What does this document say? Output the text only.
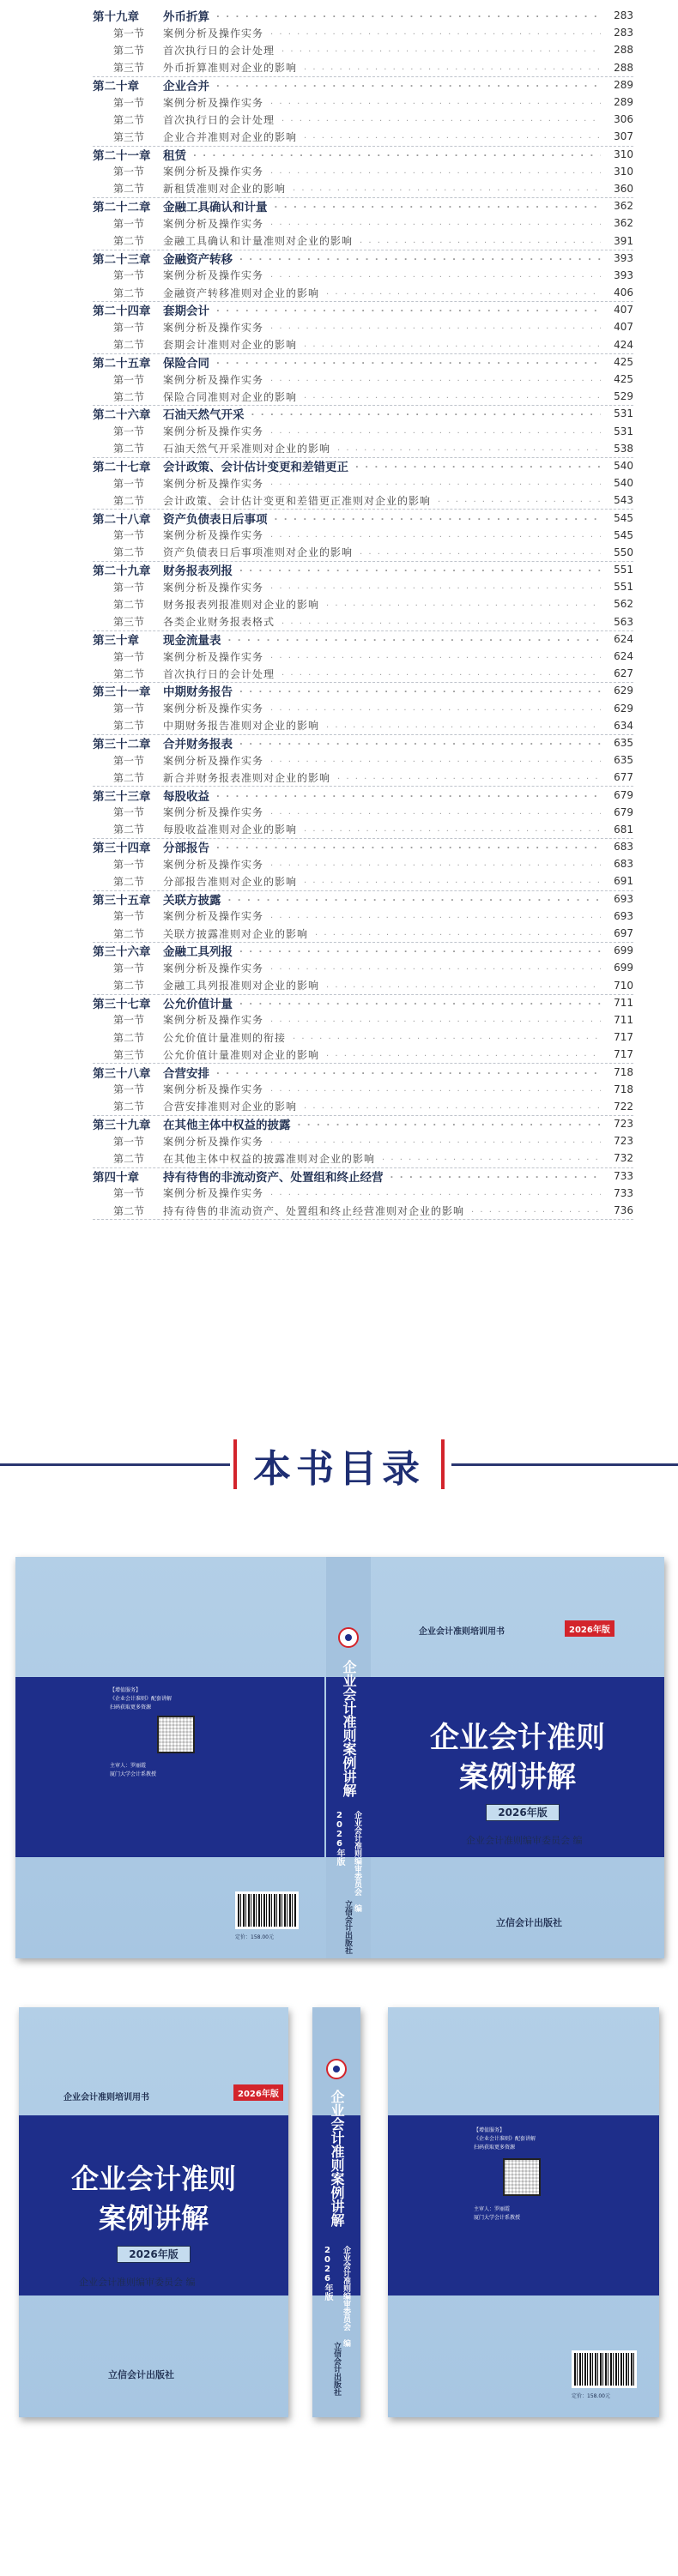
第十九章	外币折算 . . .	283
第一节	案例分析及操作实务 . . .	283
第二节	首次执行日的会计处理 . . .	288
第三节	外币折算准则对企业的影响 . . .	288
第二十章	企业合并 . . .	289
第一节	案例分析及操作实务 . . .	289
第二节	首次执行日的会计处理 . . .	306
第三节	企业合并准则对企业的影响 . . .	307
第二十一章	租赁 . . .	310
第一节	案例分析及操作实务 . . .	310
第二节	新租赁准则对企业的影响 . . .	360
第二十二章	金融工具确认和计量 . . .	362
第一节	案例分析及操作实务 . . .	362
第二节	金融工具确认和计量准则对企业的影响 . . .	391
第二十三章	金融资产转移 . . .	393
第一节	案例分析及操作实务 . . .	393
第二节	金融资产转移准则对企业的影响 . . .	406
第二十四章	套期会计 . . .	407
第一节	案例分析及操作实务 . . .	407
第二节	套期会计准则对企业的影响 . . .	424
第二十五章	保险合同 . . .	425
第一节	案例分析及操作实务 . . .	425
第二节	保险合同准则对企业的影响 . . .	529
第二十六章	石油天然气开采 . . .	531
第一节	案例分析及操作实务 . . .	531
第二节	石油天然气开采准则对企业的影响 . . .	538
第二十七章	会计政策、会计估计变更和差错更正 . . .	540
第一节	案例分析及操作实务 . . .	540
第二节	会计政策、会计估计变更和差错更正准则对企业的影响 . . .	543
第二十八章	资产负债表日后事项 . . .	545
第一节	案例分析及操作实务 . . .	545
第二节	资产负债表日后事项准则对企业的影响 . . .	550
第二十九章	财务报表列报 . . .	551
第一节	案例分析及操作实务 . . .	551
第二节	财务报表列报准则对企业的影响 . . .	562
第三节	各类企业财务报表格式 . . .	563
第三十章	现金流量表 . . .	624
第一节	案例分析及操作实务 . . .	624
第二节	首次执行日的会计处理 . . .	627
第三十一章	中期财务报告 . . .	629
第一节	案例分析及操作实务 . . .	629
第二节	中期财务报告准则对企业的影响 . . .	634
第三十二章	合并财务报表 . . .	635
第一节	案例分析及操作实务 . . .	635
第二节	新合并财务报表准则对企业的影响 . . .	677
第三十三章	每股收益 . . .	679
第一节	案例分析及操作实务 . . .	679
第二节	每股收益准则对企业的影响 . . .	681
第三十四章	分部报告 . . .	683
第一节	案例分析及操作实务 . . .	683
第二节	分部报告准则对企业的影响 . . .	691
第三十五章	关联方披露 . . .	693
第一节	案例分析及操作实务 . . .	693
第二节	关联方披露准则对企业的影响 . . .	697
第三十六章	金融工具列报 . . .	699
第一节	案例分析及操作实务 . . .	699
第二节	金融工具列报准则对企业的影响 . . .	710
第三十七章	公允价值计量 . . .	711
第一节	案例分析及操作实务 . . .	711
第二节	公允价值计量准则的衔接 . . .	717
第三节	公允价值计量准则对企业的影响 . . .	717
第三十八章	合营安排 . . .	718
第一节	案例分析及操作实务 . . .	718
第二节	合营安排准则对企业的影响 . . .	722
第三十九章	在其他主体中权益的披露 . . .	723
第一节	案例分析及操作实务 . . .	723
第二节	在其他主体中权益的披露准则对企业的影响 . . .	732
第四十章	持有待售的非流动资产、处置组和终止经营 . . .	733
第一节	案例分析及操作实务 . . .	733
第二节	持有待售的非流动资产、处置组和终止经营准则对企业的影响 . . .	736
本书目录
【增值服务】
《企业会计准则》配套讲解
扫码获取更多资源
主审人：罗丽霞
厦门大学会计系教授
定价：158.00元
企业会计准则案例讲解
2026年版 企业会计准则编审委员会 编
立信会计出版社
企业会计准则培训用书	2026年版
企业会计准则
案例讲解
2026年版
企业会计准则编审委员会 编
立信会计出版社
企业会计准则培训用书	2026年版
企业会计准则
案例讲解
2026年版
企业会计准则编审委员会 编
立信会计出版社
企业会计准则案例讲解
2026年版 企业会计准则编审委员会 编
立信会计出版社
【增值服务】
《企业会计准则》配套讲解
扫码获取更多资源
主审人：罗丽霞
厦门大学会计系教授
定价：158.00元
